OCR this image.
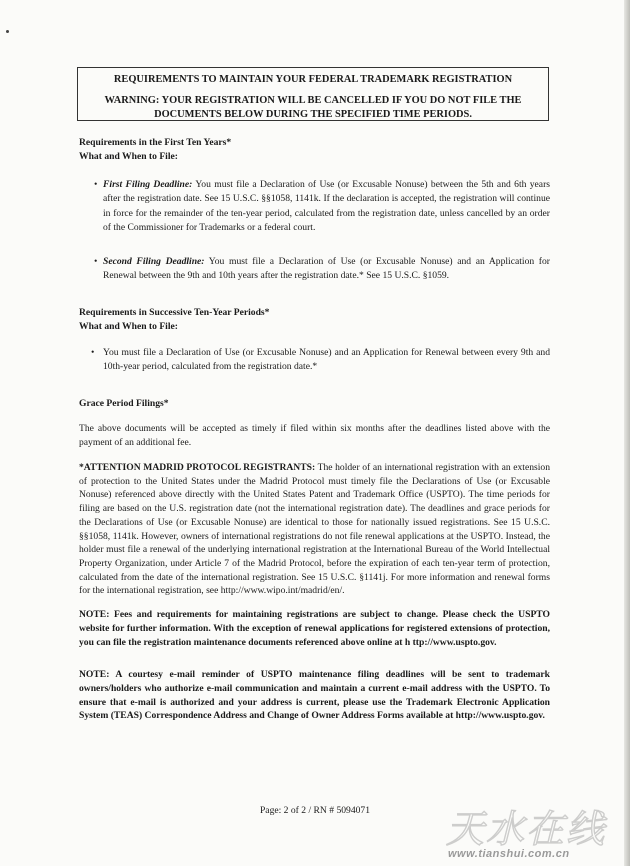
REQUIREMENTS TO MAINTAIN YOUR FEDERAL TRADEMARK REGISTRATION
WARNING: YOUR REGISTRATION WILL BE CANCELLED IF YOU DO NOT FILE THE
DOCUMENTS BELOW DURING THE SPECIFIED TIME PERIODS.
Requirements in the First Ten Years*
What and When to File:
• First Filing Deadline: You must file a Declaration of Use (or Excusable Nonuse) between the 5th and 6th years after the registration date. See 15 U.S.C. §§1058, 1141k. If the declaration is accepted, the registration will continue in force for the remainder of the ten-year period, calculated from the registration date, unless cancelled by an order of the Commissioner for Trademarks or a federal court.
• Second Filing Deadline: You must file a Declaration of Use (or Excusable Nonuse) and an Application for Renewal between the 9th and 10th years after the registration date.* See 15 U.S.C. §1059.
Requirements in Successive Ten-Year Periods*
What and When to File:
• You must file a Declaration of Use (or Excusable Nonuse) and an Application for Renewal between every 9th and 10th-year period, calculated from the registration date.*
Grace Period Filings*
The above documents will be accepted as timely if filed within six months after the deadlines listed above with the payment of an additional fee.
*ATTENTION MADRID PROTOCOL REGISTRANTS: The holder of an international registration with an extension of protection to the United States under the Madrid Protocol must timely file the Declarations of Use (or Excusable Nonuse) referenced above directly with the United States Patent and Trademark Office (USPTO). The time periods for filing are based on the U.S. registration date (not the international registration date). The deadlines and grace periods for the Declarations of Use (or Excusable Nonuse) are identical to those for nationally issued registrations. See 15 U.S.C. §§1058, 1141k. However, owners of international registrations do not file renewal applications at the USPTO. Instead, the holder must file a renewal of the underlying international registration at the International Bureau of the World Intellectual Property Organization, under Article 7 of the Madrid Protocol, before the expiration of each ten-year term of protection, calculated from the date of the international registration. See 15 U.S.C. §1141j. For more information and renewal forms for the international registration, see http://www.wipo.int/madrid/en/.
NOTE: Fees and requirements for maintaining registrations are subject to change. Please check the USPTO website for further information. With the exception of renewal applications for registered extensions of protection, you can file the registration maintenance documents referenced above online at h ttp://www.uspto.gov.
NOTE: A courtesy e-mail reminder of USPTO maintenance filing deadlines will be sent to trademark owners/holders who authorize e-mail communication and maintain a current e-mail address with the USPTO. To ensure that e-mail is authorized and your address is current, please use the Trademark Electronic Application System (TEAS) Correspondence Address and Change of Owner Address Forms available at http://www.uspto.gov.
Page: 2 of 2 / RN # 5094071	天水在线
www.tianshui.com.cn
